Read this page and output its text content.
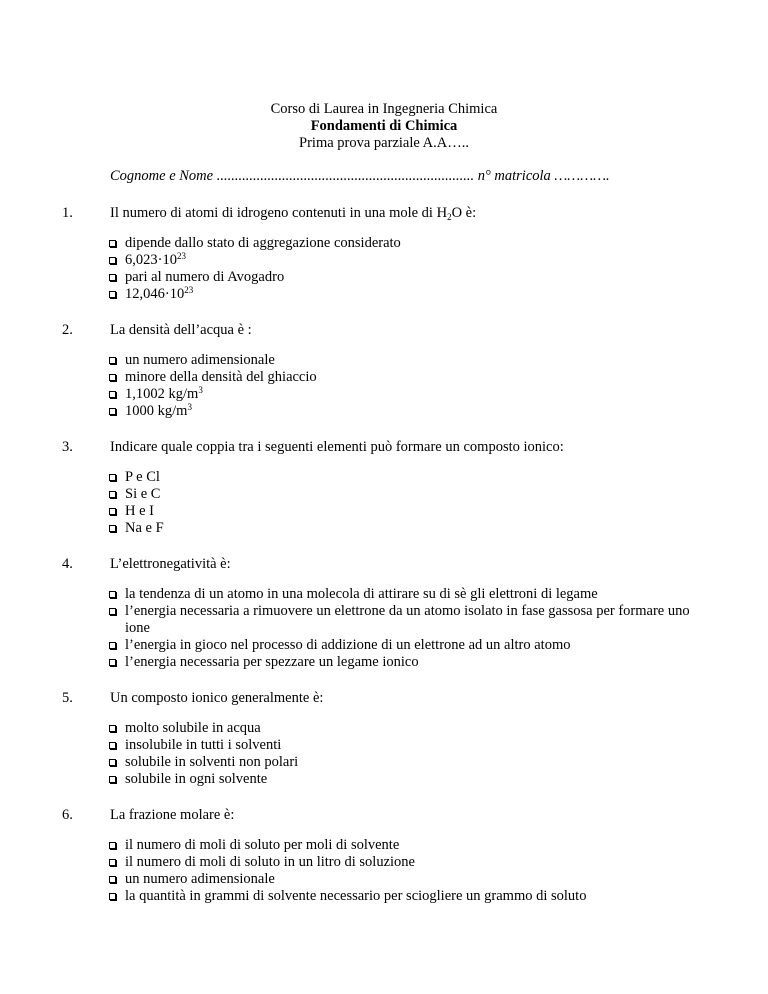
Corso di Laurea in Ingegneria Chimica
Fondamenti di Chimica
Prima prova parziale A.A…..
Cognome e Nome ....................................................................... n° matricola ………….
1.	Il numero di atomi di idrogeno contenuti in una mole di $H_2O$ è:
dipende dallo stato di aggregazione considerato
$6,023\cdot 10^{23}$
pari al numero di Avogadro
$12,046\cdot 10^{23}$
2.	La densità dell’acqua è :
un numero adimensionale
minore della densità del ghiaccio
1,1002 $kg/m^3$
1000 $kg/m^3$
3.	Indicare quale coppia tra i seguenti elementi può formare un composto ionico:
P e Cl
Si e C
H e I
Na e F
4.	L’elettronegatività è:
la tendenza di un atomo in una molecola di attirare su di sè gli elettroni di legame
l’energia necessaria a rimuovere un elettrone da un atomo isolato in fase gassosa per formare uno ione
l’energia in gioco nel processo di addizione di un elettrone ad un altro atomo
l’energia necessaria per spezzare un legame ionico
5.	Un composto ionico generalmente è:
molto solubile in acqua
insolubile in tutti i solventi
solubile in solventi non polari
solubile in ogni solvente
6.	La frazione molare è:
il numero di moli di soluto per moli di solvente
il numero di moli di soluto in un litro di soluzione
un numero adimensionale
la quantità in grammi di solvente necessario per sciogliere un grammo di soluto
